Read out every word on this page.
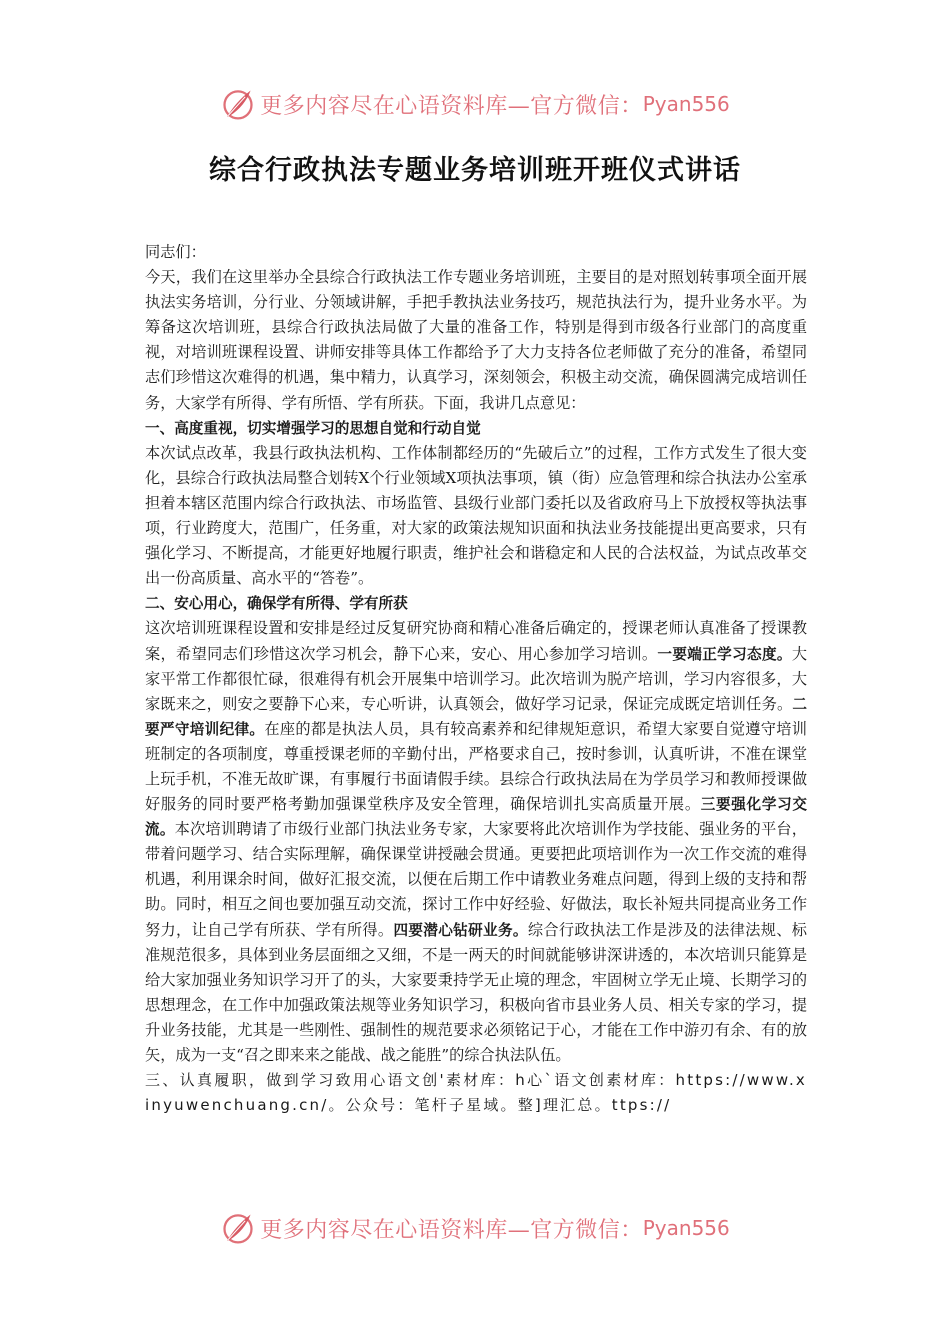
更多内容尽在心语资料库—官方微信： Pyan556
综合行政执法专题业务培训班开班仪式讲话

同志们：

今天，我们在这里举办全县综合行政执法工作专题业务培训班，主要目的是对照划转事项全面开展执法实务培训，分行业、分领域讲解，手把手教执法业务技巧，规范执法行为，提升业务水平。为筹备这次培训班，县综合行政执法局做了大量的准备工作，特别是得到市级各行业部门的高度重视，对培训班课程设置、讲师安排等具体工作都给予了大力支持各位老师做了充分的准备，希望同志们珍惜这次难得的机遇，集中精力，认真学习，深刻领会，积极主动交流，确保圆满完成培训任务，大家学有所得、学有所悟、学有所获。下面，我讲几点意见：

一、高度重视，切实增强学习的思想自觉和行动自觉

本次试点改革，我县行政执法机构、工作体制都经历的“先破后立”的过程，工作方式发生了很大变化，县综合行政执法局整合划转X个行业领域X项执法事项，镇（街）应急管理和综合执法办公室承担着本辖区范围内综合行政执法、市场监管、县级行业部门委托以及省政府马上下放授权等执法事项，行业跨度大，范围广，任务重，对大家的政策法规知识面和执法业务技能提出更高要求，只有强化学习、不断提高，才能更好地履行职责，维护社会和谐稳定和人民的合法权益，为试点改革交出一份高质量、高水平的“答卷”。

二、安心用心，确保学有所得、学有所获

这次培训班课程设置和安排是经过反复研究协商和精心准备后确定的，授课老师认真准备了授课教案，希望同志们珍惜这次学习机会，静下心来，安心、用心参加学习培训。一要端正学习态度。大家平常工作都很忙碌，很难得有机会开展集中培训学习。此次培训为脱产培训，学习内容很多，大家既来之，则安之要静下心来，专心听讲，认真领会，做好学习记录，保证完成既定培训任务。二要严守培训纪律。在座的都是执法人员，具有较高素养和纪律规矩意识，希望大家要自觉遵守培训班制定的各项制度，尊重授课老师的辛勤付出，严格要求自己，按时参训，认真听讲，不准在课堂上玩手机，不准无故旷课，有事履行书面请假手续。县综合行政执法局在为学员学习和教师授课做好服务的同时要严格考勤加强课堂秩序及安全管理，确保培训扎实高质量开展。三要强化学习交流。本次培训聘请了市级行业部门执法业务专家，大家要将此次培训作为学技能、强业务的平台，带着问题学习、结合实际理解，确保课堂讲授融会贯通。更要把此项培训作为一次工作交流的难得机遇，利用课余时间，做好汇报交流，以便在后期工作中请教业务难点问题，得到上级的支持和帮助。同时，相互之间也要加强互动交流，探讨工作中好经验、好做法，取长补短共同提高业务工作努力，让自己学有所获、学有所得。四要潜心钻研业务。综合行政执法工作是涉及的法律法规、标准规范很多，具体到业务层面细之又细，不是一两天的时间就能够讲深讲透的，本次培训只能算是给大家加强业务知识学习开了的头，大家要秉持学无止境的理念，牢固树立学无止境、长期学习的思想理念，在工作中加强政策法规等业务知识学习，积极向省市县业务人员、相关专家的学习，提升业务技能，尤其是一些刚性、强制性的规范要求必须铭记于心，才能在工作中游刃有余、有的放矢，成为一支“召之即来来之能战、战之能胜”的综合执法队伍。

三、认真履职，做到学习致用心语文创'素材库：h心`语文创素材库：https://www.xinyuwenchuang.cn/。公众号：笔杆子星域。整]理汇总。ttps://

更多内容尽在心语资料库—官方微信： Pyan556
